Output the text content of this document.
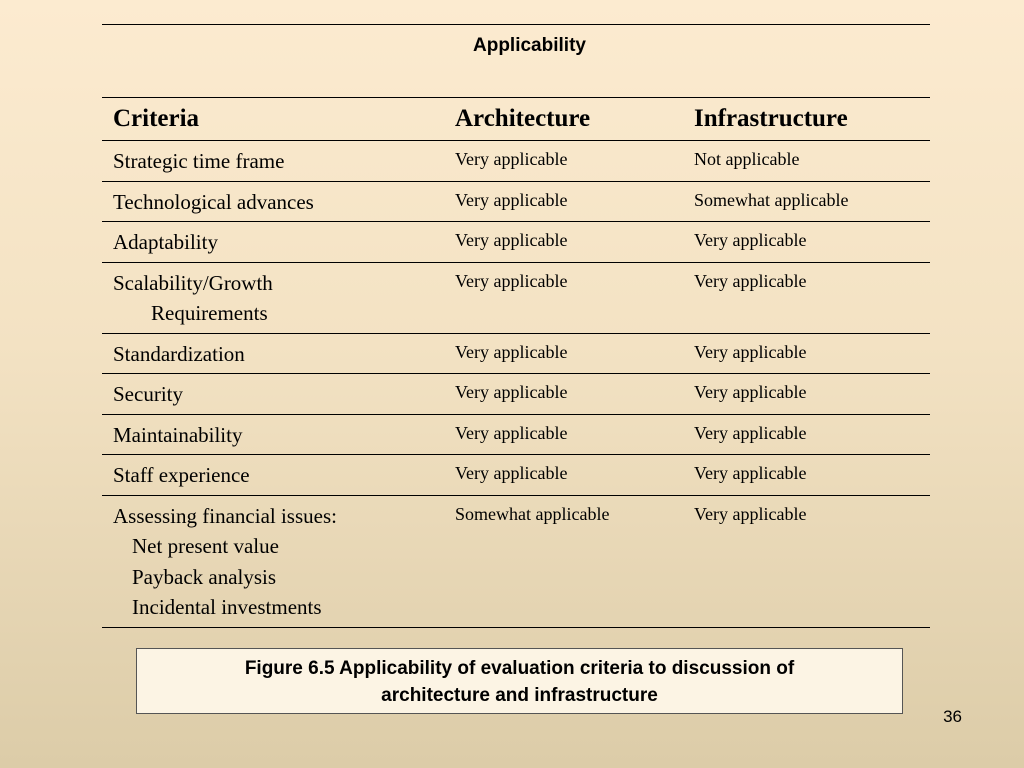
	Applicability	
Criteria	Architecture	Infrastructure

Strategic time frame	Very applicable	Not applicable

Technological advances	Very applicable	Somewhat applicable

Adaptability	Very applicable	Very applicable

Scalability/Growth
Requirements	Very applicable	Very applicable

Standardization	Very applicable	Very applicable

Security	Very applicable	Very applicable

Maintainability	Very applicable	Very applicable

Staff experience	Very applicable	Very applicable

Assessing financial issues:
Net present value
Payback analysis
Incidental investments	Somewhat applicable	Very applicable
Figure 6.5 Applicability of evaluation criteria to discussion of
architecture and infrastructure
36
